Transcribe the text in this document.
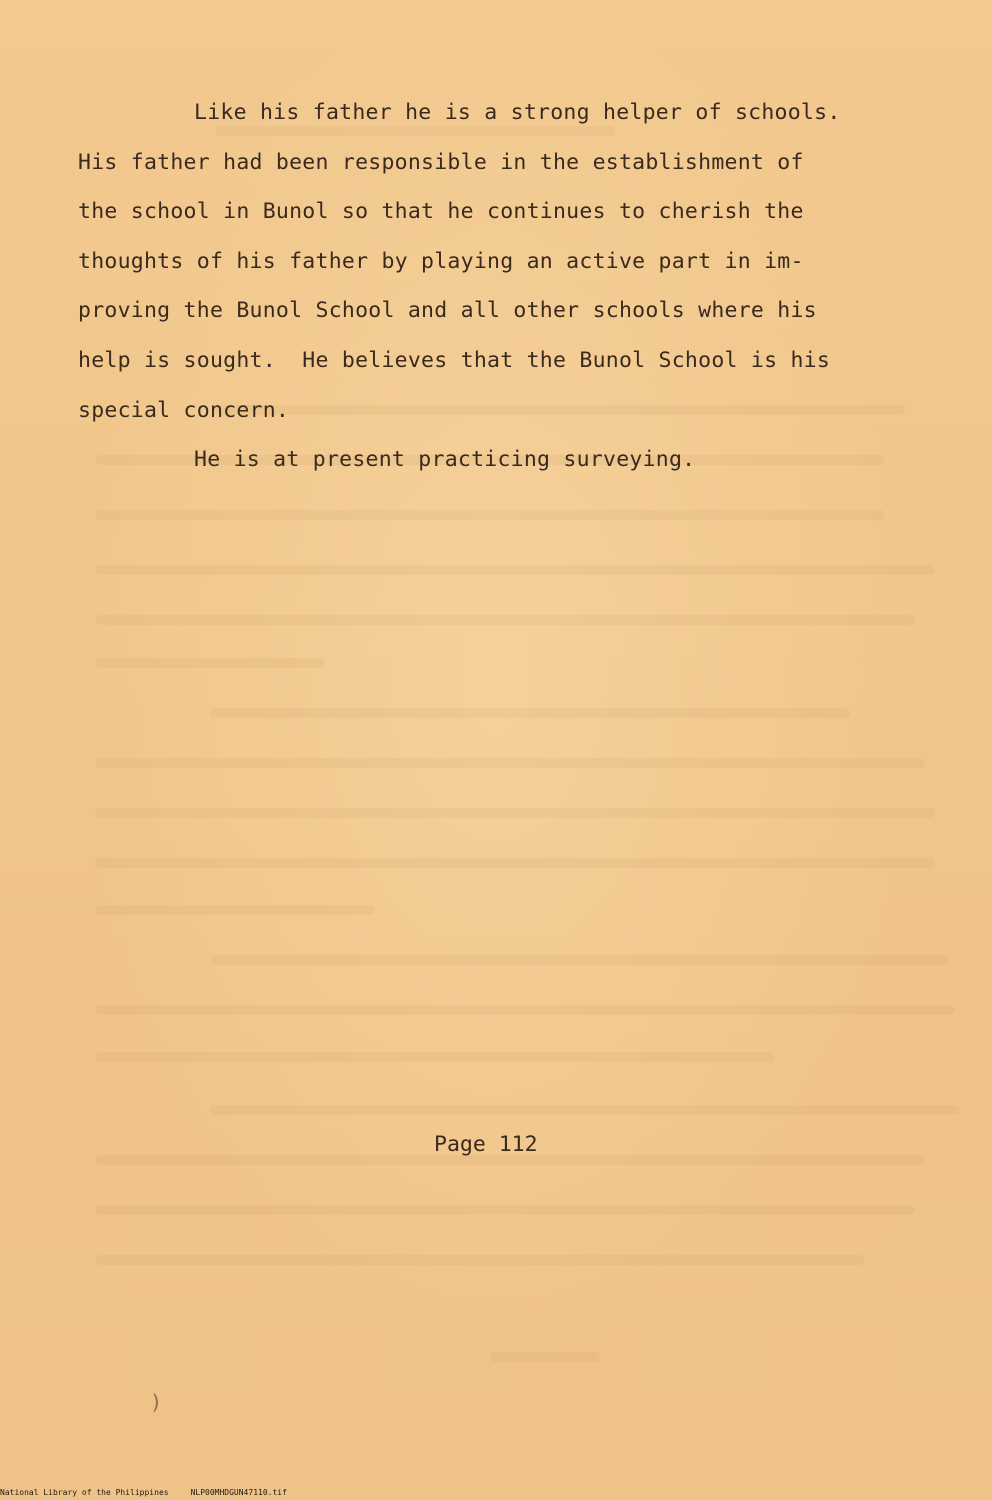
Like his father he is a strong helper of schools.
His father had been responsible in the establishment of
the school in Bunol so that he continues to cherish the
thoughts of his father by playing an active part in im-
proving the Bunol School and all other schools where his
help is sought.  He believes that the Bunol School is his
special concern.
He is at present practicing surveying.
Page 112
)
National Library of the Philippines	NLP00MHDGUN47110.tif
